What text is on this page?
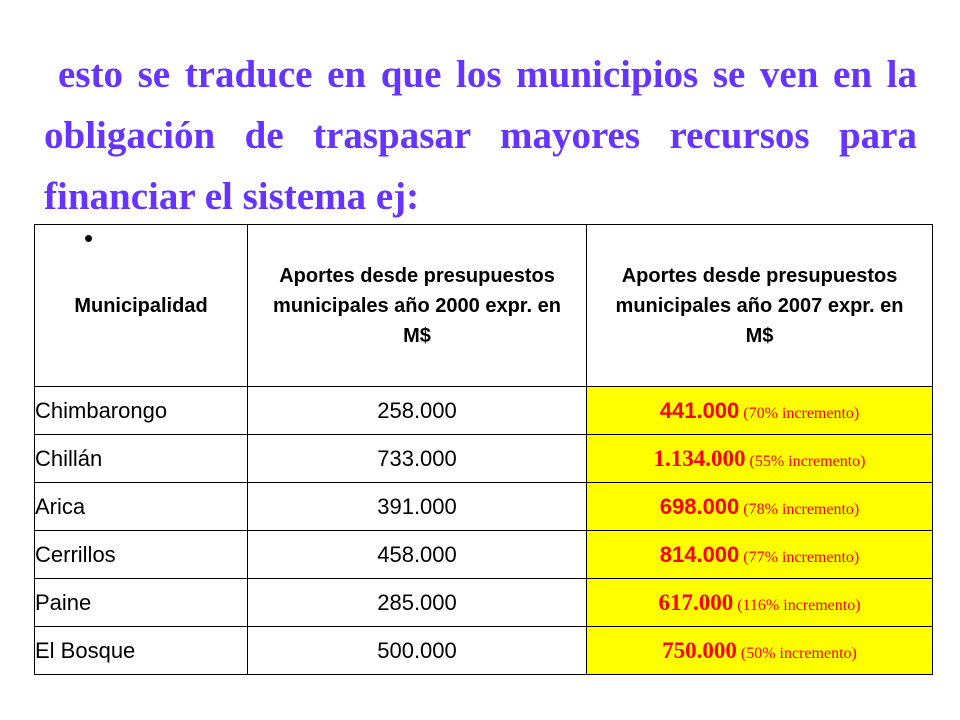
esto se traduce en que los municipios se ven en la obligación de traspasar mayores recursos para financiar el sistema ej:

Municipalidad	Aportes desde presupuestos municipales año 2000 expr. en M$	Aportes desde presupuestos municipales año 2007 expr. en M$

Chimbarongo	258.000	441.000 (70% incremento)
Chillán	733.000	1.134.000 (55% incremento)
Arica	391.000	698.000 (78% incremento)
Cerrillos	458.000	814.000 (77% incremento)
Paine	285.000	617.000 (116% incremento)
El Bosque	500.000	750.000 (50% incremento)
•
